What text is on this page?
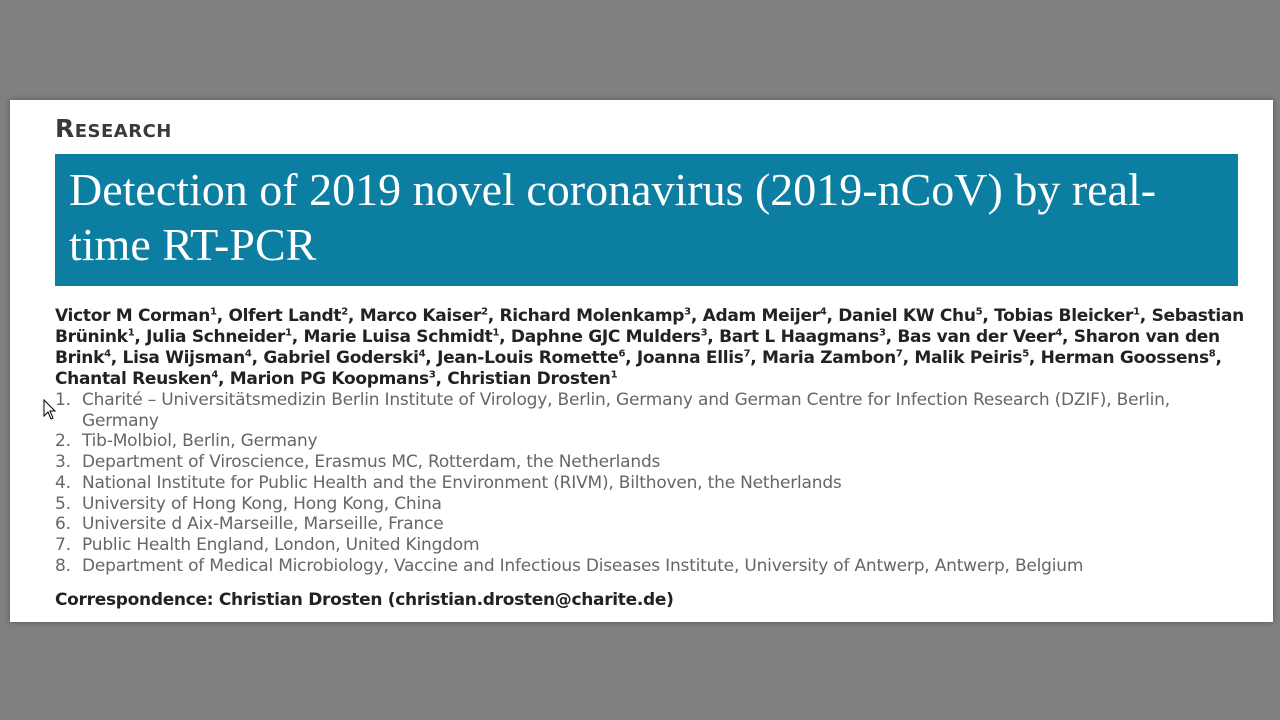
Research
Detection of 2019 novel coronavirus (2019-nCoV) by real-time RT-PCR
Victor M Corman$^1$, Olfert Landt$^2$, Marco Kaiser$^2$, Richard Molenkamp$^3$, Adam Meijer$^4$, Daniel KW Chu$^5$, Tobias Bleicker$^1$, Sebastian Brünink$^1$, Julia Schneider$^1$, Marie Luisa Schmidt$^1$, Daphne GJC Mulders$^3$, Bart L Haagmans$^3$, Bas van der Veer$^4$, Sharon van den Brink$^4$, Lisa Wijsman$^4$, Gabriel Goderski$^4$, Jean-Louis Romette$^6$, Joanna Ellis$^7$, Maria Zambon$^7$, Malik Peiris$^5$, Herman Goossens$^8$, Chantal Reusken$^4$, Marion PG Koopmans$^3$, Christian Drosten$^1$
1. Charité – Universitätsmedizin Berlin Institute of Virology, Berlin, Germany and German Centre for Infection Research (DZIF), Berlin, Germany
2. Tib-Molbiol, Berlin, Germany
3. Department of Viroscience, Erasmus MC, Rotterdam, the Netherlands
4. National Institute for Public Health and the Environment (RIVM), Bilthoven, the Netherlands
5. University of Hong Kong, Hong Kong, China
6. Universite d Aix-Marseille, Marseille, France
7. Public Health England, London, United Kingdom
8. Department of Medical Microbiology, Vaccine and Infectious Diseases Institute, University of Antwerp, Antwerp, Belgium
Correspondence: Christian Drosten (christian.drosten@charite.de)
